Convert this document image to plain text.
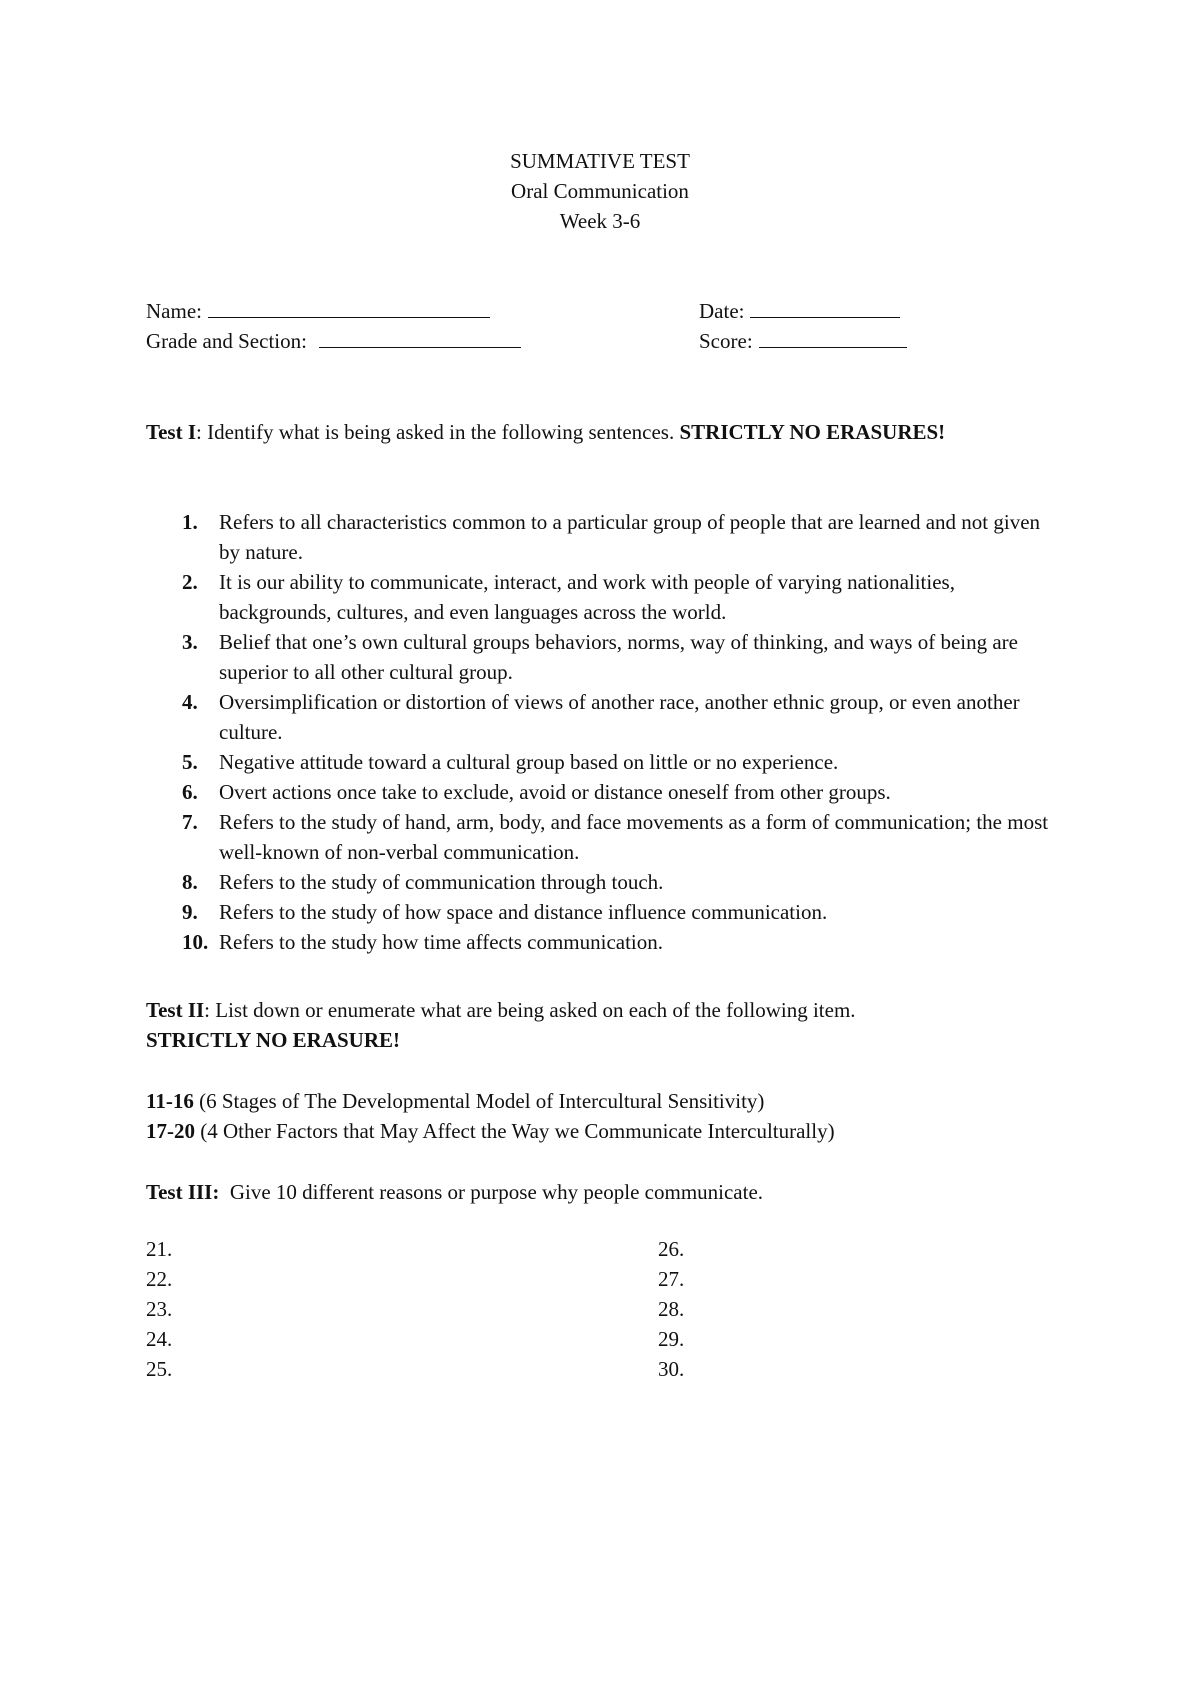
SUMMATIVE TEST
Oral Communication
Week 3-6
Name:	Date:
Grade and Section:	Score:
Test I: Identify what is being asked in the following sentences. STRICTLY NO ERASURES!
1.	Refers to all characteristics common to a particular group of people that are learned and not given by nature.
2.	It is our ability to communicate, interact, and work with people of varying nationalities, backgrounds, cultures, and even languages across the world.
3.	Belief that one’s own cultural groups behaviors, norms, way of thinking, and ways of being are superior to all other cultural group.
4.	Oversimplification or distortion of views of another race, another ethnic group, or even another culture.
5.	Negative attitude toward a cultural group based on little or no experience.
6.	Overt actions once take to exclude, avoid or distance oneself from other groups.
7.	Refers to the study of hand, arm, body, and face movements as a form of communication; the most well-known of non-verbal communication.
8.	Refers to the study of communication through touch.
9.	Refers to the study of how space and distance influence communication.
10. Refers to the study how time affects communication.
Test II: List down or enumerate what are being asked on each of the following item.
STRICTLY NO ERASURE!
11-16 (6 Stages of The Developmental Model of Intercultural Sensitivity)
17-20 (4 Other Factors that May Affect the Way we Communicate Interculturally)
Test III:  Give 10 different reasons or purpose why people communicate.
21.
22.
23.
24.
25.
26.
27.
28.
29.
30.
